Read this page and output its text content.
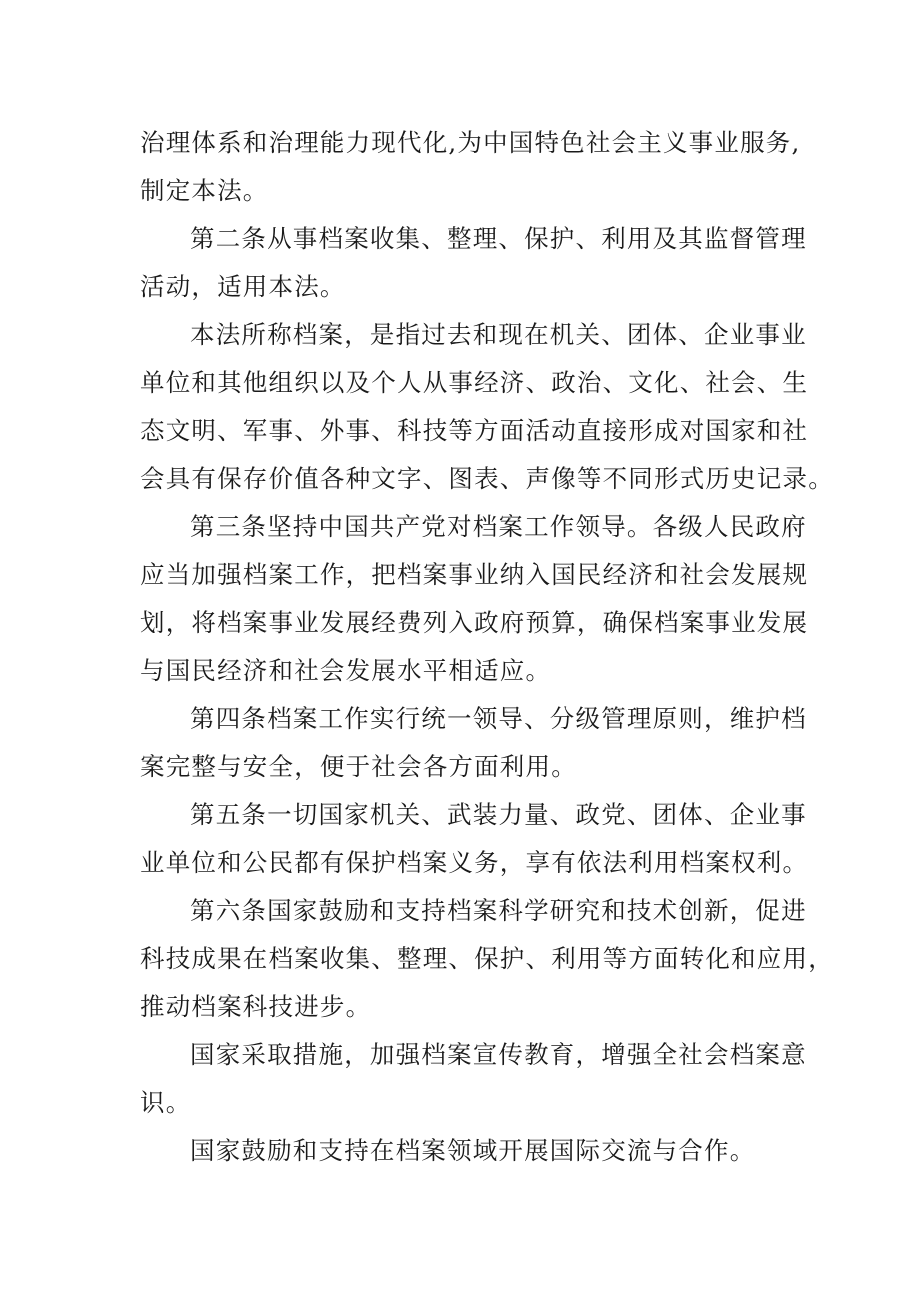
治理体系和治理能力现代化,为中国特色社会主义事业服务,
制定本法。
第二条从事档案收集、整理、保护、利用及其监督管理
活动，适用本法。
本法所称档案，是指过去和现在机关、团体、企业事业
单位和其他组织以及个人从事经济、政治、文化、社会、生
态文明、军事、外事、科技等方面活动直接形成对国家和社
会具有保存价值各种文字、图表、声像等不同形式历史记录。
第三条坚持中国共产党对档案工作领导。各级人民政府
应当加强档案工作，把档案事业纳入国民经济和社会发展规
划，将档案事业发展经费列入政府预算，确保档案事业发展
与国民经济和社会发展水平相适应。
第四条档案工作实行统一领导、分级管理原则，维护档
案完整与安全，便于社会各方面利用。
第五条一切国家机关、武装力量、政党、团体、企业事
业单位和公民都有保护档案义务，享有依法利用档案权利。
第六条国家鼓励和支持档案科学研究和技术创新，促进
科技成果在档案收集、整理、保护、利用等方面转化和应用，
推动档案科技进步。
国家采取措施，加强档案宣传教育，增强全社会档案意
识。
国家鼓励和支持在档案领域开展国际交流与合作。
